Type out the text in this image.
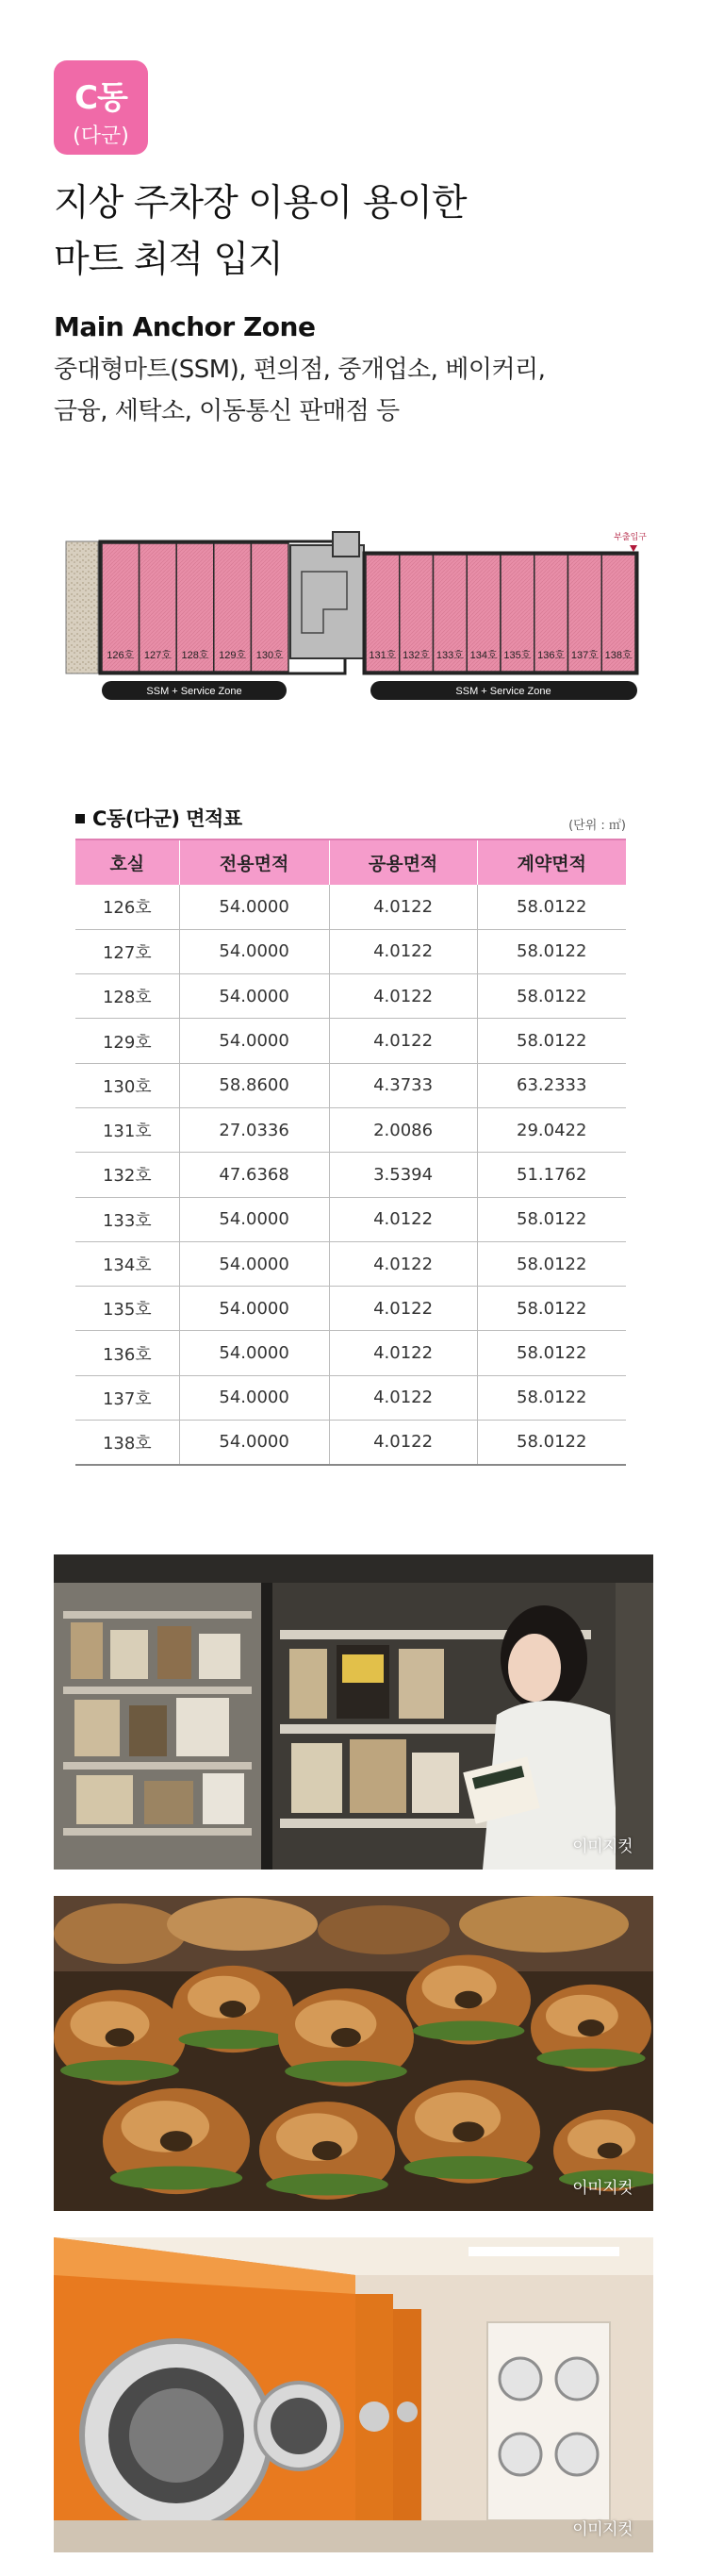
C동
(다군)
지상 주차장 이용이 용이한
마트 최적 입지
Main Anchor Zone
중대형마트(SSM), 편의점, 중개업소, 베이커리,
금융, 세탁소, 이동통신 판매점 등
126호 127호 128호 129호 130호	131호 132호 133호 134호 135호 136호 137호 138호
부출입구
SSM + Service Zone	SSM + Service Zone
C동(다군) 면적표	(단위 : ㎡)
호실	전용면적	공용면적	계약면적
126호	54.0000	4.0122	58.0122
127호	54.0000	4.0122	58.0122
128호	54.0000	4.0122	58.0122
129호	54.0000	4.0122	58.0122
130호	58.8600	4.3733	63.2333
131호	27.0336	2.0086	29.0422
132호	47.6368	3.5394	51.1762
133호	54.0000	4.0122	58.0122
134호	54.0000	4.0122	58.0122
135호	54.0000	4.0122	58.0122
136호	54.0000	4.0122	58.0122
137호	54.0000	4.0122	58.0122
138호	54.0000	4.0122	58.0122
이미지컷
이미지컷
이미지컷
